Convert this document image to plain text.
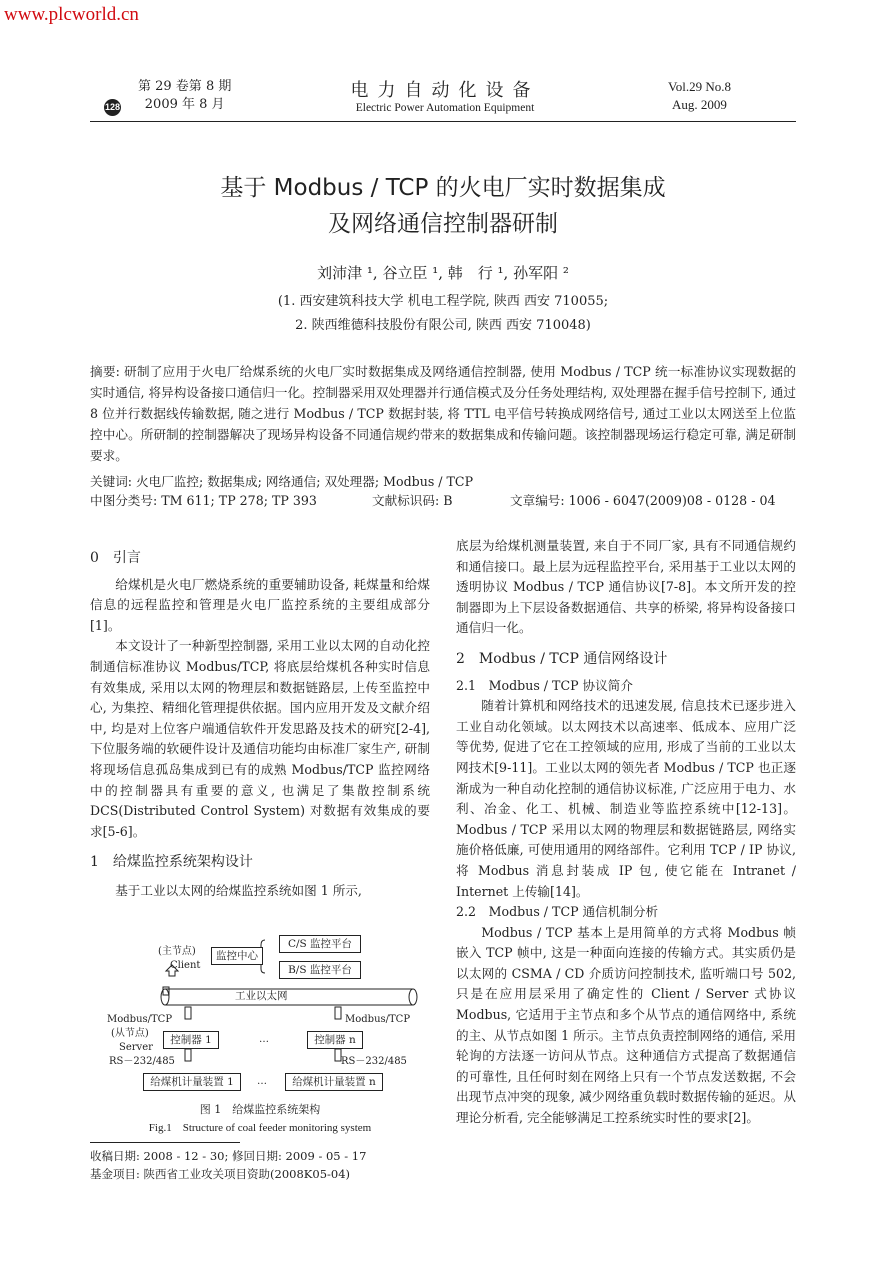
www.plcworld.cn
第 29 卷第 8 期
2009 年 8 月
128
电力自动化设备
Electric Power Automation Equipment
Vol.29 No.8
Aug. 2009
基于 Modbus / TCP 的火电厂实时数据集成
及网络通信控制器研制
刘沛津 ¹, 谷立臣 ¹, 韩　行 ¹, 孙军阳 ²
(1. 西安建筑科技大学 机电工程学院, 陕西 西安 710055;
2. 陕西维德科技股份有限公司, 陕西 西安 710048)
摘要: 研制了应用于火电厂给煤系统的火电厂实时数据集成及网络通信控制器, 使用 Modbus / TCP 统一标准协议实现数据的实时通信, 将异构设备接口通信归一化。控制器采用双处理器并行通信模式及分任务处理结构, 双处理器在握手信号控制下, 通过 8 位并行数据线传输数据, 随之进行 Modbus / TCP 数据封装, 将 TTL 电平信号转换成网络信号, 通过工业以太网送至上位监控中心。所研制的控制器解决了现场异构设备不同通信规约带来的数据集成和传输问题。该控制器现场运行稳定可靠, 满足研制要求。
关键词: 火电厂监控; 数据集成; 网络通信; 双处理器; Modbus / TCP
中图分类号: TM 611; TP 278; TP 393	文献标识码: B	文章编号: 1006 - 6047(2009)08 - 0128 - 04
0　引言

给煤机是火电厂燃烧系统的重要辅助设备, 耗煤量和给煤信息的远程监控和管理是火电厂监控系统的主要组成部分[1]。

本文设计了一种新型控制器, 采用工业以太网的自动化控制通信标准协议 Modbus/TCP, 将底层给煤机各种实时信息有效集成, 采用以太网的物理层和数据链路层, 上传至监控中心, 为集控、精细化管理提供依据。国内应用开发及文献介绍中, 均是对上位客户端通信软件开发思路及技术的研究[2-4], 下位服务端的软硬件设计及通信功能均由标准厂家生产, 研制将现场信息孤岛集成到已有的成熟 Modbus/TCP 监控网络中的控制器具有重要的意义, 也满足了集散控制系统 DCS(Distributed Control System) 对数据有效集成的要求[5-6]。

1　给煤监控系统架构设计

基于工业以太网的给煤监控系统如图 1 所示,

(主节点)
Client
监控中心
C/S 监控平台
B/S 监控平台
工业以太网
Modbus/TCP	Modbus/TCP
(从节点)
Server
控制器 1	…	控制器 n
RS－232/485	RS－232/485
给煤机计量装置 1	…	给煤机计量装置 n
图 1　给煤监控系统架构
Fig.1　Structure of coal feeder monitoring system
收稿日期: 2008 - 12 - 30; 修回日期: 2009 - 05 - 17
基金项目: 陕西省工业攻关项目资助(2008K05-04)

底层为给煤机测量装置, 来自于不同厂家, 具有不同通信规约和通信接口。最上层为远程监控平台, 采用基于工业以太网的透明协议 Modbus / TCP 通信协议[7-8]。本文所开发的控制器即为上下层设备数据通信、共享的桥梁, 将异构设备接口通信归一化。

2　Modbus / TCP 通信网络设计
2.1　Modbus / TCP 协议简介

随着计算机和网络技术的迅速发展, 信息技术已逐步进入工业自动化领域。以太网技术以高速率、低成本、应用广泛等优势, 促进了它在工控领域的应用, 形成了当前的工业以太网技术[9-11]。工业以太网的领先者 Modbus / TCP 也正逐渐成为一种自动化控制的通信协议标准, 广泛应用于电力、水利、冶金、化工、机械、制造业等监控系统中[12-13]。Modbus / TCP 采用以太网的物理层和数据链路层, 网络实施价格低廉, 可使用通用的网络部件。它利用 TCP / IP 协议, 将 Modbus 消息封装成 IP 包, 使它能在 Intranet / Internet 上传输[14]。

2.2　Modbus / TCP 通信机制分析

Modbus / TCP 基本上是用简单的方式将 Modbus 帧嵌入 TCP 帧中, 这是一种面向连接的传输方式。其实质仍是以太网的 CSMA / CD 介质访问控制技术, 监听端口号 502, 只是在应用层采用了确定性的 Client / Server 式协议 Modbus, 它适用于主节点和多个从节点的通信网络中, 系统的主、从节点如图 1 所示。主节点负责控制网络的通信, 采用轮询的方法逐一访问从节点。这种通信方式提高了数据通信的可靠性, 且任何时刻在网络上只有一个节点发送数据, 不会出现节点冲突的现象, 减少网络重负载时数据传输的延迟。从理论分析看, 完全能够满足工控系统实时性的要求[2]。
